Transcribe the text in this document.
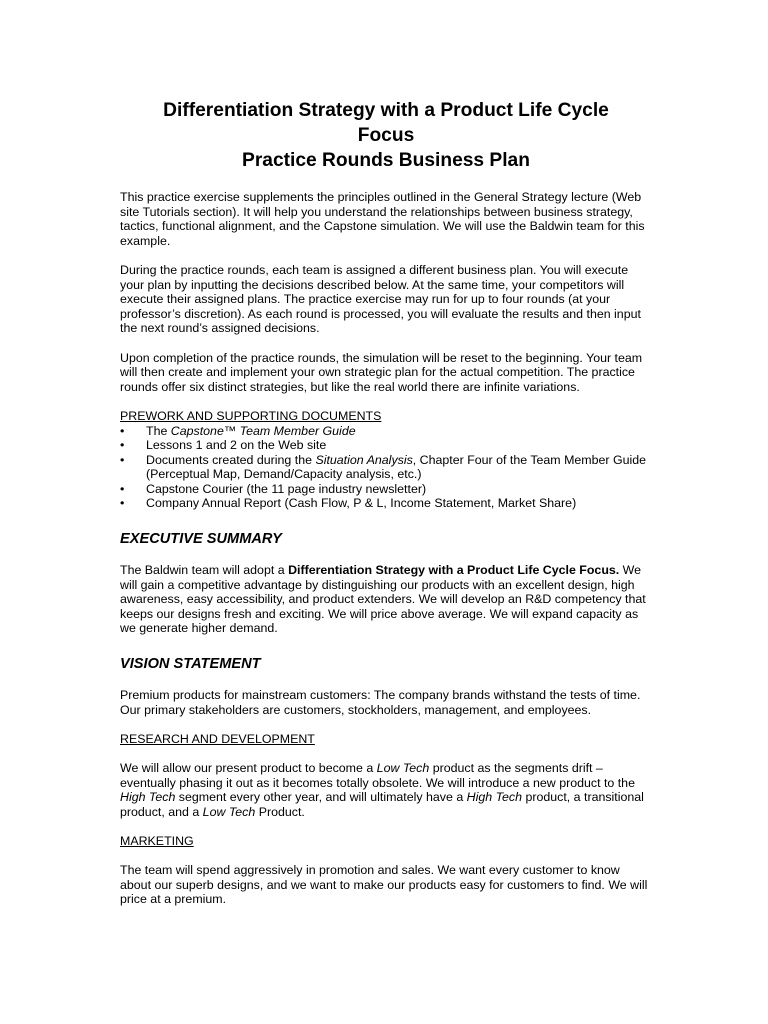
Differentiation Strategy with a Product Life Cycle
Focus
Practice Rounds Business Plan

This practice exercise supplements the principles outlined in the General Strategy lecture (Web site Tutorials section). It will help you understand the relationships between business strategy, tactics, functional alignment, and the Capstone simulation. We will use the Baldwin team for this example.

During the practice rounds, each team is assigned a different business plan. You will execute your plan by inputting the decisions described below. At the same time, your competitors will execute their assigned plans. The practice exercise may run for up to four rounds (at your professor’s discretion). As each round is processed, you will evaluate the results and then input the next round’s assigned decisions.

Upon completion of the practice rounds, the simulation will be reset to the beginning. Your team will then create and implement your own strategic plan for the actual competition. The practice rounds offer six distinct strategies, but like the real world there are infinite variations.

PREWORK AND SUPPORTING DOCUMENTS
• The Capstone™ Team Member Guide
• Lessons 1 and 2 on the Web site
• Documents created during the Situation Analysis, Chapter Four of the Team Member Guide (Perceptual Map, Demand/Capacity analysis, etc.)
• Capstone Courier (the 11 page industry newsletter)
• Company Annual Report (Cash Flow, P & L, Income Statement, Market Share)
EXECUTIVE SUMMARY

The Baldwin team will adopt a Differentiation Strategy with a Product Life Cycle Focus. We will gain a competitive advantage by distinguishing our products with an excellent design, high awareness, easy accessibility, and product extenders. We will develop an R&D competency that keeps our designs fresh and exciting. We will price above average. We will expand capacity as we generate higher demand.

VISION STATEMENT

Premium products for mainstream customers: The company brands withstand the tests of time. Our primary stakeholders are customers, stockholders, management, and employees.

RESEARCH AND DEVELOPMENT

We will allow our present product to become a Low Tech product as the segments drift – eventually phasing it out as it becomes totally obsolete. We will introduce a new product to the High Tech segment every other year, and will ultimately have a High Tech product, a transitional product, and a Low Tech Product.

MARKETING

The team will spend aggressively in promotion and sales. We want every customer to know about our superb designs, and we want to make our products easy for customers to find. We will price at a premium.
